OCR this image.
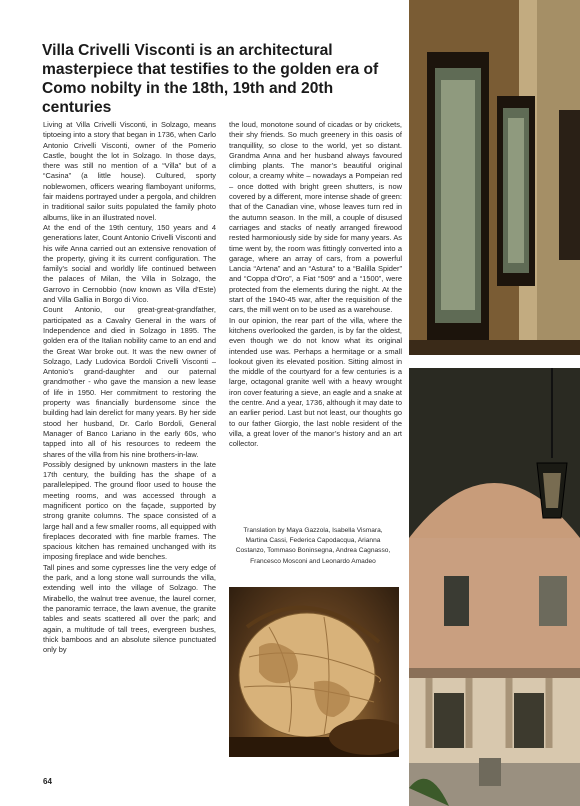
Villa Crivelli Visconti is an architectural masterpiece that testifies to the golden era of Como nobilty in the 18th, 19th and 20th centuries

Living at Villa Crivelli Visconti, in Solzago, means tiptoeing into a story that began in 1736, when Carlo Antonio Crivelli Visconti, owner of the Pomerio Castle, bought the lot in Solzago. In those days, there was still no mention of a “Villa” but of a “Casina” (a little house). Cultured, sporty noblewomen, officers wearing flamboyant uniforms, fair maidens portrayed under a pergola, and children in traditional sailor suits populated the family photo albums, like in an illustrated novel.

At the end of the 19th century, 150 years and 4 generations later, Count Antonio Crivelli Visconti and his wife Anna carried out an extensive renovation of the property, giving it its current configuration. The family’s social and worldly life continued between the palaces of Milan, the Villa in Solzago, the Garrovo in Cernobbio (now known as Villa d’Este) and Villa Gallia in Borgo di Vico.

Count Antonio, our great-great-grandfather, participated as a Cavalry General in the wars of Independence and died in Solzago in 1895. The golden era of the Italian nobility came to an end and the Great War broke out. It was the new owner of Solzago, Lady Ludovica Bordoli Crivelli Visconti – Antonio’s grand-daughter and our paternal grandmother - who gave the mansion a new lease of life in 1950. Her commitment to restoring the property was financially burdensome since the building had lain derelict for many years. By her side stood her husband, Dr. Carlo Bordoli, General Manager of Banco Lariano in the early 60s, who tapped into all of his resources to redeem the shares of the villa from his nine brothers-in-law.

Possibly designed by unknown masters in the late 17th century, the building has the shape of a parallelepiped. The ground floor used to house the meeting rooms, and was accessed through a magnificent portico on the façade, supported by strong granite columns. The space consisted of a large hall and a few smaller rooms, all equipped with fireplaces decorated with fine marble frames. The spacious kitchen has remained unchanged with its imposing fireplace and wide benches.

Tall pines and some cypresses line the very edge of the park, and a long stone wall surrounds the villa, extending well into the village of Solzago. The Mirabello, the walnut tree avenue, the laurel corner, the panoramic terrace, the lawn avenue, the granite tables and seats scattered all over the park; and again, a multitude of tall trees, evergreen bushes, thick bamboos and an absolute silence punctuated only by

the loud, monotone sound of cicadas or by crickets, their shy friends. So much greenery in this oasis of tranquillity, so close to the world, yet so distant. Grandma Anna and her husband always favoured climbing plants. The manor’s beautiful original colour, a creamy white – nowadays a Pompeian red – once dotted with bright green shutters, is now covered by a different, more intense shade of green: that of the Canadian vine, whose leaves turn red in the autumn season. In the mill, a couple of disused carriages and stacks of neatly arranged firewood rested harmoniously side by side for many years. As time went by, the room was fittingly converted into a garage, where an array of cars, from a powerful Lancia “Artena” and an “Astura” to a “Balilla Spider” and “Coppa d’Oro”, a Fiat “509” and a “1500”, were protected from the elements during the night. At the start of the 1940-45 war, after the requisition of the cars, the mill went on to be used as a warehouse.

In our opinion, the rear part of the villa, where the kitchens overlooked the garden, is by far the oldest, even though we do not know what its original intended use was. Perhaps a hermitage or a small lookout given its elevated position. Sitting almost in the middle of the courtyard for a few centuries is a large, octagonal granite well with a heavy wrought iron cover featuring a sieve, an eagle and a snake at the centre. And a year, 1736, although it may date to an earlier period. Last but not least, our thoughts go to our father Giorgio, the last noble resident of the villa, a great lover of the manor’s history and an art collector.

Translation by Maya Gazzola, Isabella Vismara,
Martina Cassi, Federica Capodacqua, Arianna
Costanzo, Tommaso Boninsegna, Andrea Cagnasso,
Francesco Mosconi and Leonardo Amadeo
64
